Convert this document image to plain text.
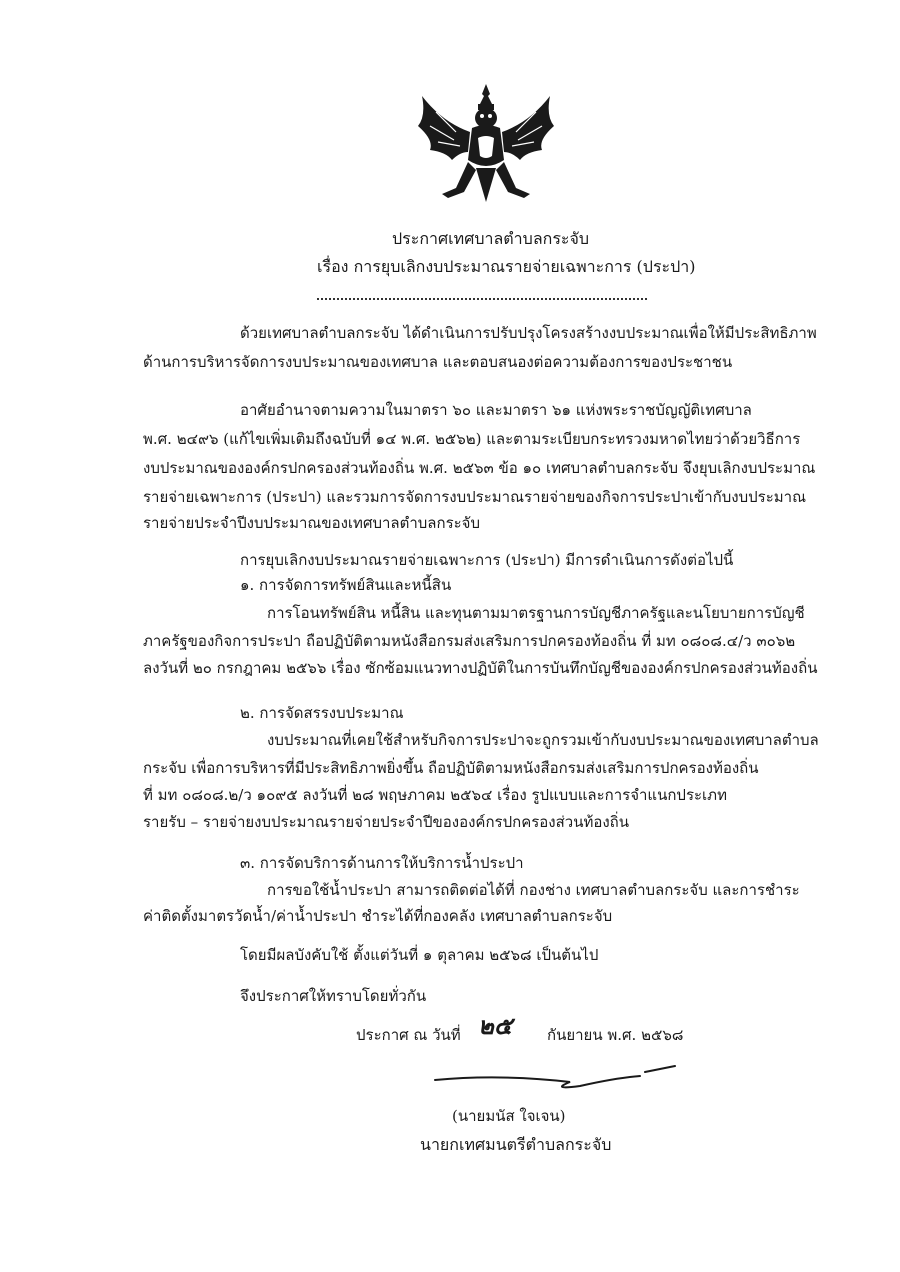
ประกาศเทศบาลตำบลกระจับ
เรื่อง การยุบเลิกงบประมาณรายจ่ายเฉพาะการ (ประปา)
ด้วยเทศบาลตำบลกระจับ ได้ดำเนินการปรับปรุงโครงสร้างงบประมาณเพื่อให้มีประสิทธิภาพ
ด้านการบริหารจัดการงบประมาณของเทศบาล และตอบสนองต่อความต้องการของประชาชน
อาศัยอำนาจตามความในมาตรา ๖๐ และมาตรา ๖๑ แห่งพระราชบัญญัติเทศบาล
พ.ศ. ๒๔๙๖ (แก้ไขเพิ่มเติมถึงฉบับที่ ๑๔ พ.ศ. ๒๕๖๒) และตามระเบียบกระทรวงมหาดไทยว่าด้วยวิธีการ
งบประมาณขององค์กรปกครองส่วนท้องถิ่น พ.ศ. ๒๕๖๓ ข้อ ๑๐ เทศบาลตำบลกระจับ จึงยุบเลิกงบประมาณ
รายจ่ายเฉพาะการ (ประปา) และรวมการจัดการงบประมาณรายจ่ายของกิจการประปาเข้ากับงบประมาณ
รายจ่ายประจำปีงบประมาณของเทศบาลตำบลกระจับ
การยุบเลิกงบประมาณรายจ่ายเฉพาะการ (ประปา) มีการดำเนินการดังต่อไปนี้
๑. การจัดการทรัพย์สินและหนี้สิน
การโอนทรัพย์สิน หนี้สิน และทุนตามมาตรฐานการบัญชีภาครัฐและนโยบายการบัญชี
ภาครัฐของกิจการประปา ถือปฏิบัติตามหนังสือกรมส่งเสริมการปกครองท้องถิ่น ที่ มท ๐๘๐๘.๔/ว ๓๐๖๒
ลงวันที่ ๒๐ กรกฎาคม ๒๕๖๖ เรื่อง ซักซ้อมแนวทางปฏิบัติในการบันทึกบัญชีขององค์กรปกครองส่วนท้องถิ่น
๒. การจัดสรรงบประมาณ
งบประมาณที่เคยใช้สำหรับกิจการประปาจะถูกรวมเข้ากับงบประมาณของเทศบาลตำบล
กระจับ เพื่อการบริหารที่มีประสิทธิภาพยิ่งขึ้น ถือปฏิบัติตามหนังสือกรมส่งเสริมการปกครองท้องถิ่น
ที่ มท ๐๘๐๘.๒/ว ๑๐๙๕ ลงวันที่ ๒๘ พฤษภาคม ๒๕๖๔ เรื่อง รูปแบบและการจำแนกประเภท
รายรับ – รายจ่ายงบประมาณรายจ่ายประจำปีขององค์กรปกครองส่วนท้องถิ่น
๓. การจัดบริการด้านการให้บริการน้ำประปา
การขอใช้น้ำประปา สามารถติดต่อได้ที่ กองช่าง เทศบาลตำบลกระจับ และการชำระ
ค่าติดตั้งมาตรวัดน้ำ/ค่าน้ำประปา ชำระได้ที่กองคลัง เทศบาลตำบลกระจับ
โดยมีผลบังคับใช้ ตั้งแต่วันที่ ๑ ตุลาคม ๒๕๖๘ เป็นต้นไป
จึงประกาศให้ทราบโดยทั่วกัน
ประกาศ ณ วันที่ ๒๕ กันยายน พ.ศ. ๒๕๖๘
(นายมนัส ใจเจน)
นายกเทศมนตรีตำบลกระจับ
